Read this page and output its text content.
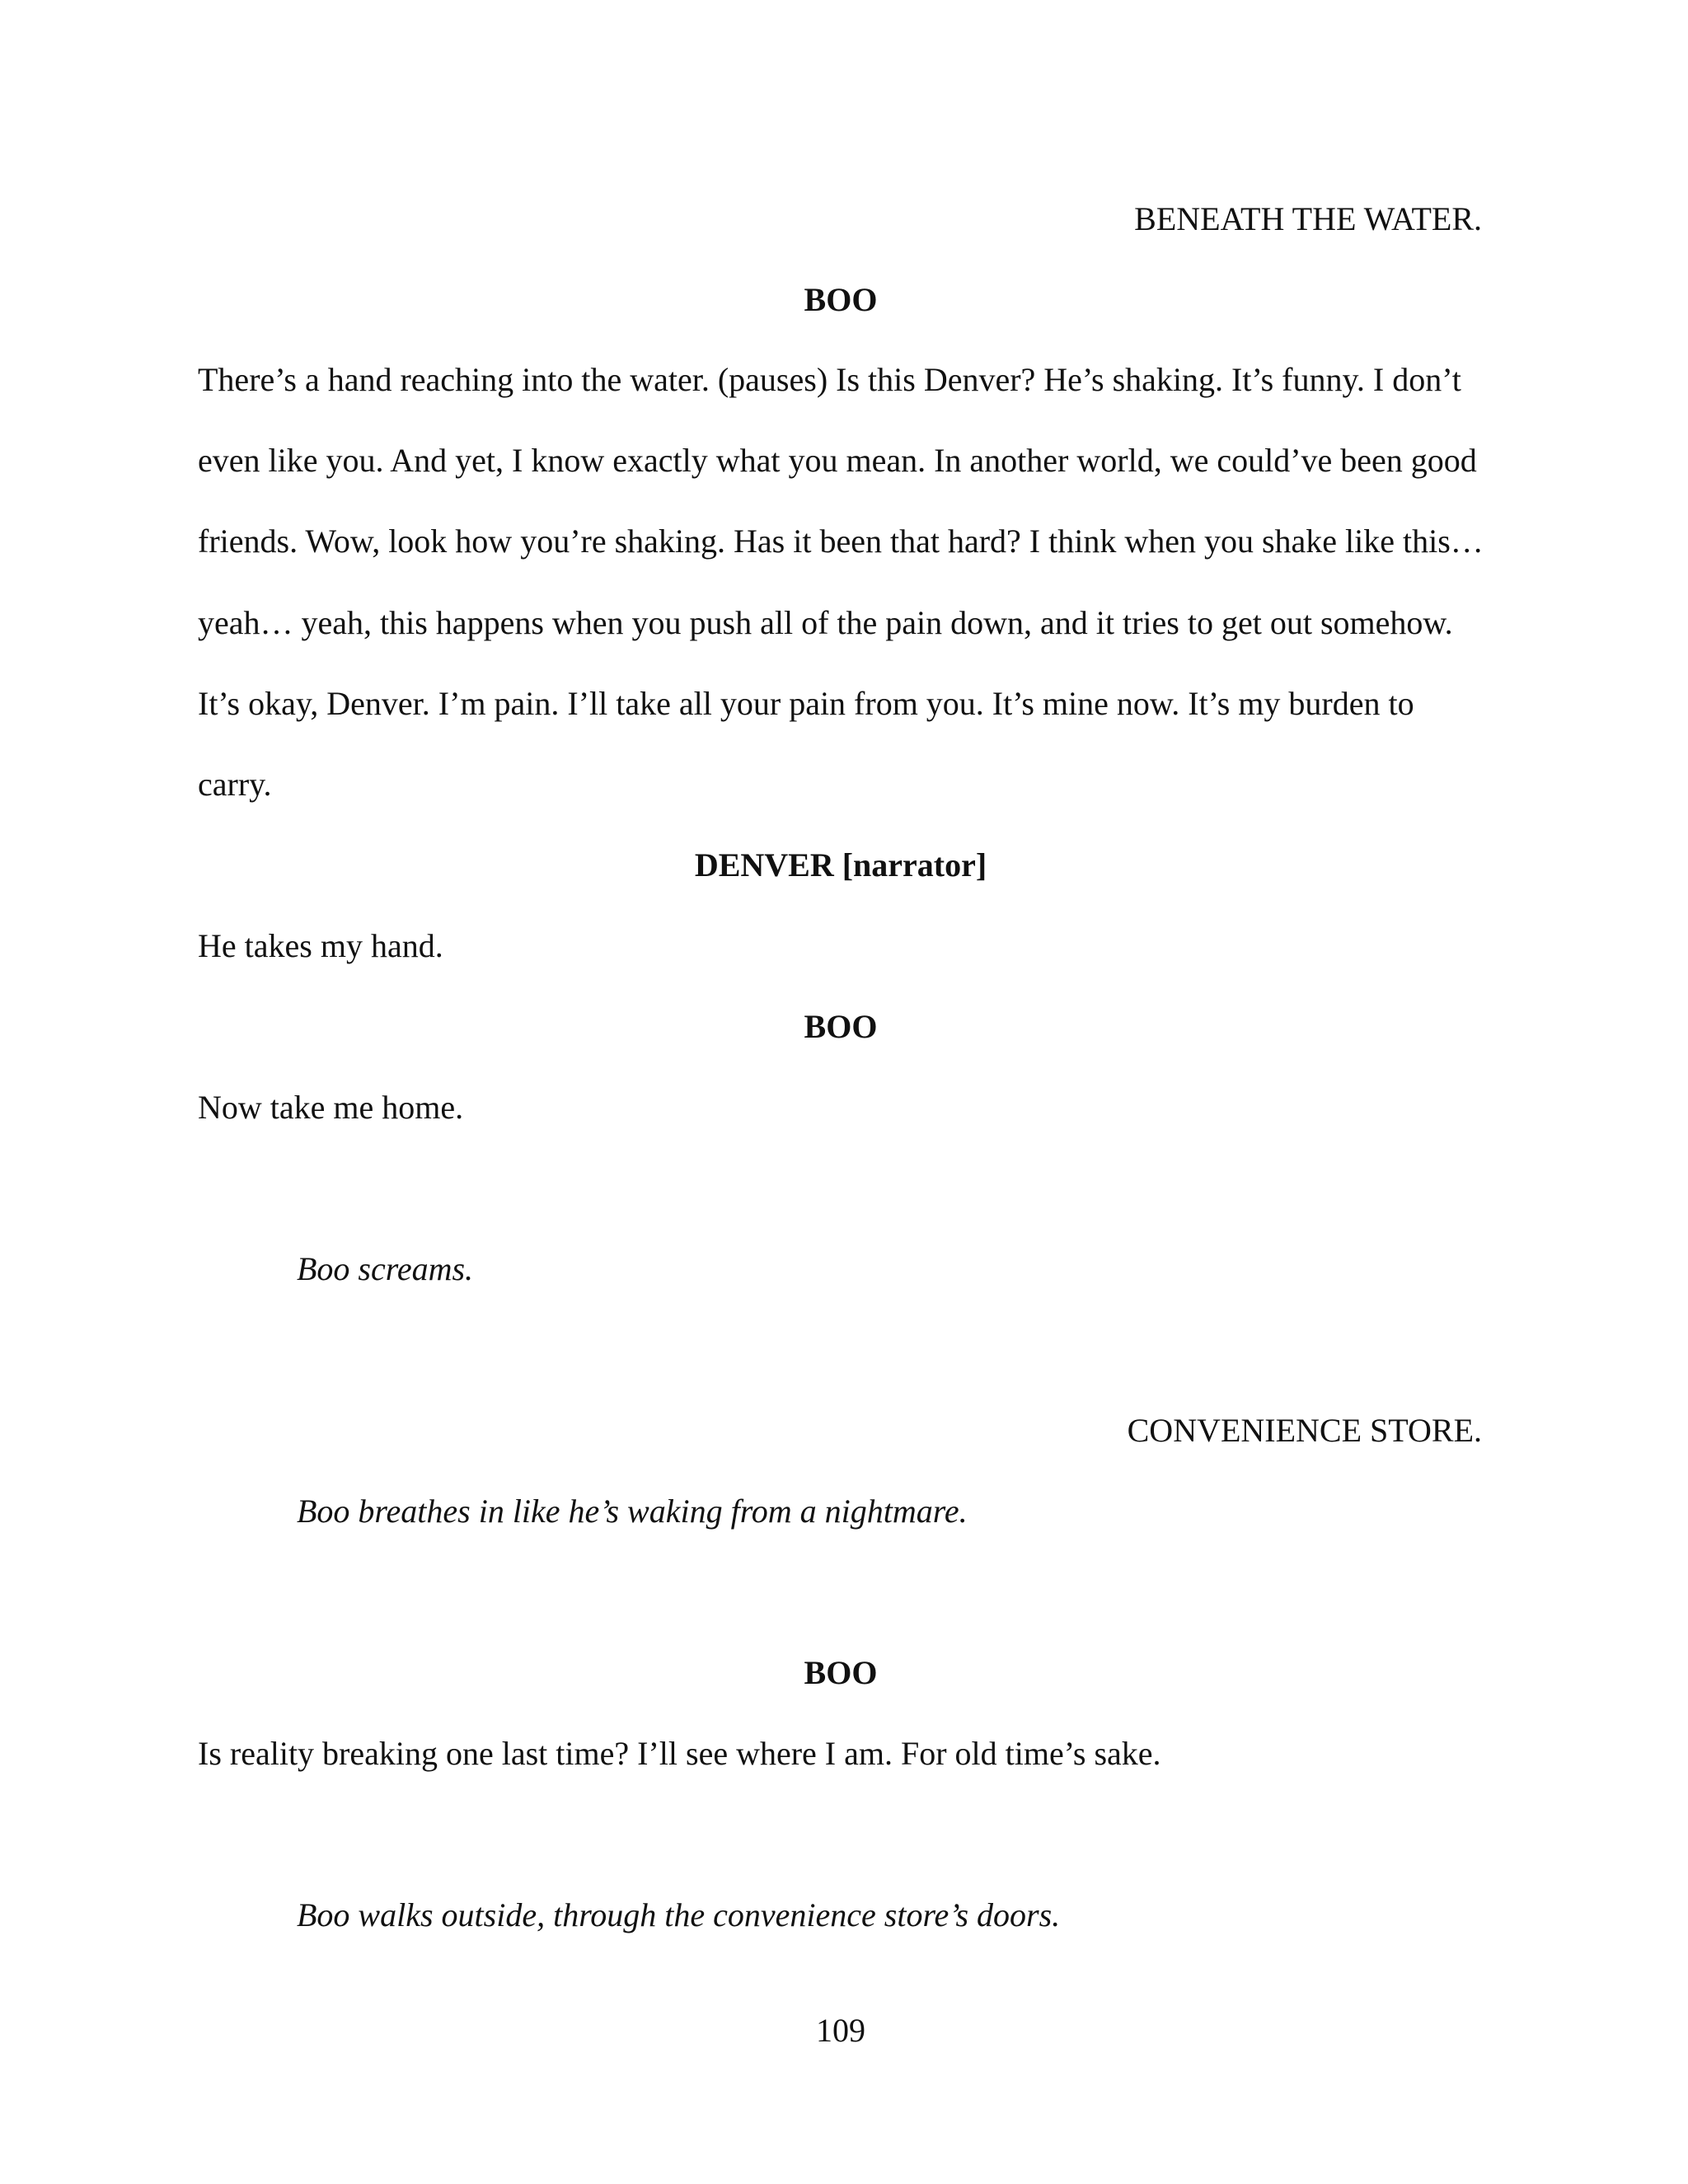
BENEATH THE WATER.
BOO
There’s a hand reaching into the water. (pauses) Is this Denver? He’s shaking. It’s funny. I don’t
even like you. And yet, I know exactly what you mean. In another world, we could’ve been good
friends. Wow, look how you’re shaking. Has it been that hard? I think when you shake like this…
yeah… yeah, this happens when you push all of the pain down, and it tries to get out somehow.
It’s okay, Denver. I’m pain. I’ll take all your pain from you. It’s mine now. It’s my burden to
carry.
DENVER [narrator]
He takes my hand.
BOO
Now take me home.
Boo screams.
CONVENIENCE STORE.
Boo breathes in like he’s waking from a nightmare.
BOO
Is reality breaking one last time? I’ll see where I am. For old time’s sake.
Boo walks outside, through the convenience store’s doors.
109
